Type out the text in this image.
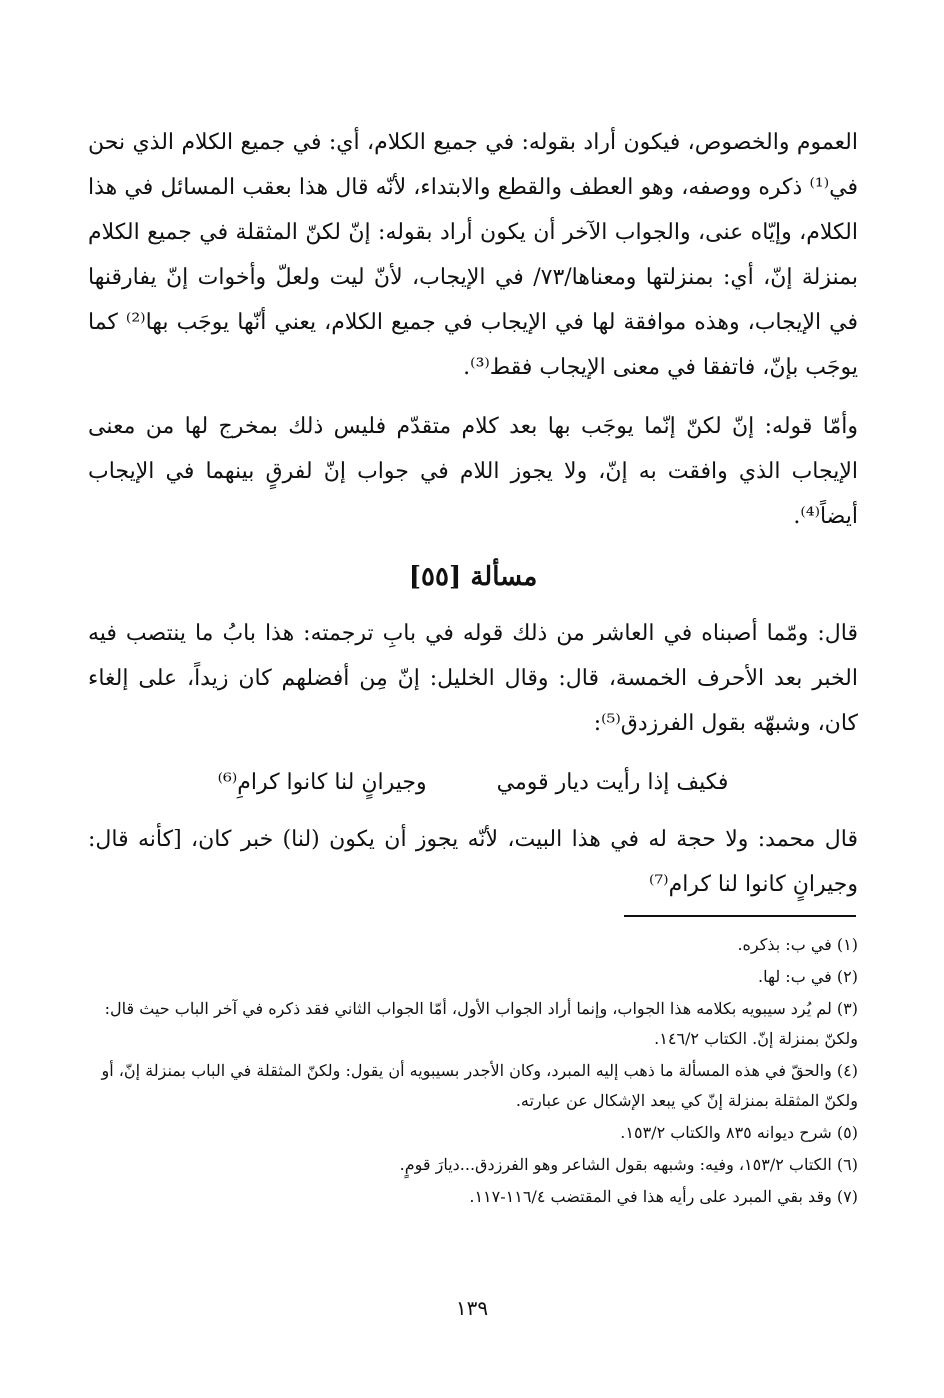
العموم والخصوص، فيكون أراد بقوله: في جميع الكلام، أي: في جميع الكلام الذي نحن في⁽¹⁾ ذكره ووصفه، وهو العطف والقطع والابتداء، لأنّه قال هذا بعقب المسائل في هذا الكلام، وإيّاه عنى، والجواب الآخر أن يكون أراد بقوله: إنّ لكنّ المثقلة في جميع الكلام بمنزلة إنّ، أي: بمنزلتها ومعناها/٧٣/ في الإيجاب، لأنّ ليت ولعلّ وأخوات إنّ يفارقنها في الإيجاب، وهذه موافقة لها في الإيجاب في جميع الكلام، يعني أنّها يوجَب بها⁽²⁾ كما يوجَب بإنّ، فاتفقا في معنى الإيجاب فقط⁽³⁾.

وأمّا قوله: إنّ لكنّ إنّما يوجَب بها بعد كلام متقدّم فليس ذلك بمخرج لها من معنى الإيجاب الذي وافقت به إنّ، ولا يجوز اللام في جواب إنّ لفرقٍ بينهما في الإيجاب أيضاً⁽⁴⁾.

مسألة [٥٥]

قال: ومّما أصبناه في العاشر من ذلك قوله في بابِ ترجمته: هذا بابُ ما ينتصب فيه الخبر بعد الأحرف الخمسة، قال: وقال الخليل: إنّ مِن أفضلهم كان زيداً، على إلغاء كان، وشبهّه بقول الفرزدق⁽⁵⁾:

فكيف إذا رأيت ديار قومي
وجيرانٍ لنا كانوا كرامِ⁽⁶⁾

قال محمد: ولا حجة له في هذا البيت، لأنّه يجوز أن يكون (لنا) خبر كان، [كأنه قال: وجيرانٍ كانوا لنا كرام⁽⁷⁾

(١) في ب: بذكره.
(٢) في ب: لها.
(٣) لم يُرد سيبويه بكلامه هذا الجواب، وإنما أراد الجواب الأول، أمّا الجواب الثاني فقد ذكره في آخر الباب حيث قال: ولكنّ بمنزلة إنّ. الكتاب ١٤٦/٢.
(٤) والحقّ في هذه المسألة ما ذهب إليه المبرد، وكان الأجدر بسيبويه أن يقول: ولكنّ المثقلة في الباب بمنزلة إنّ، أو ولكنّ المثقلة بمنزلة إنّ كي يبعد الإشكال عن عبارته.
(٥) شرح ديوانه ٨٣٥ والكتاب ١٥٣/٢.
(٦) الكتاب ١٥٣/٢، وفيه: وشبهه بقول الشاعر وهو الفرزدق...ديارَ قومٍ.
(٧) وقد بقي المبرد على رأيه هذا في المقتضب ١١٦/٤-١١٧.
١٣٩
